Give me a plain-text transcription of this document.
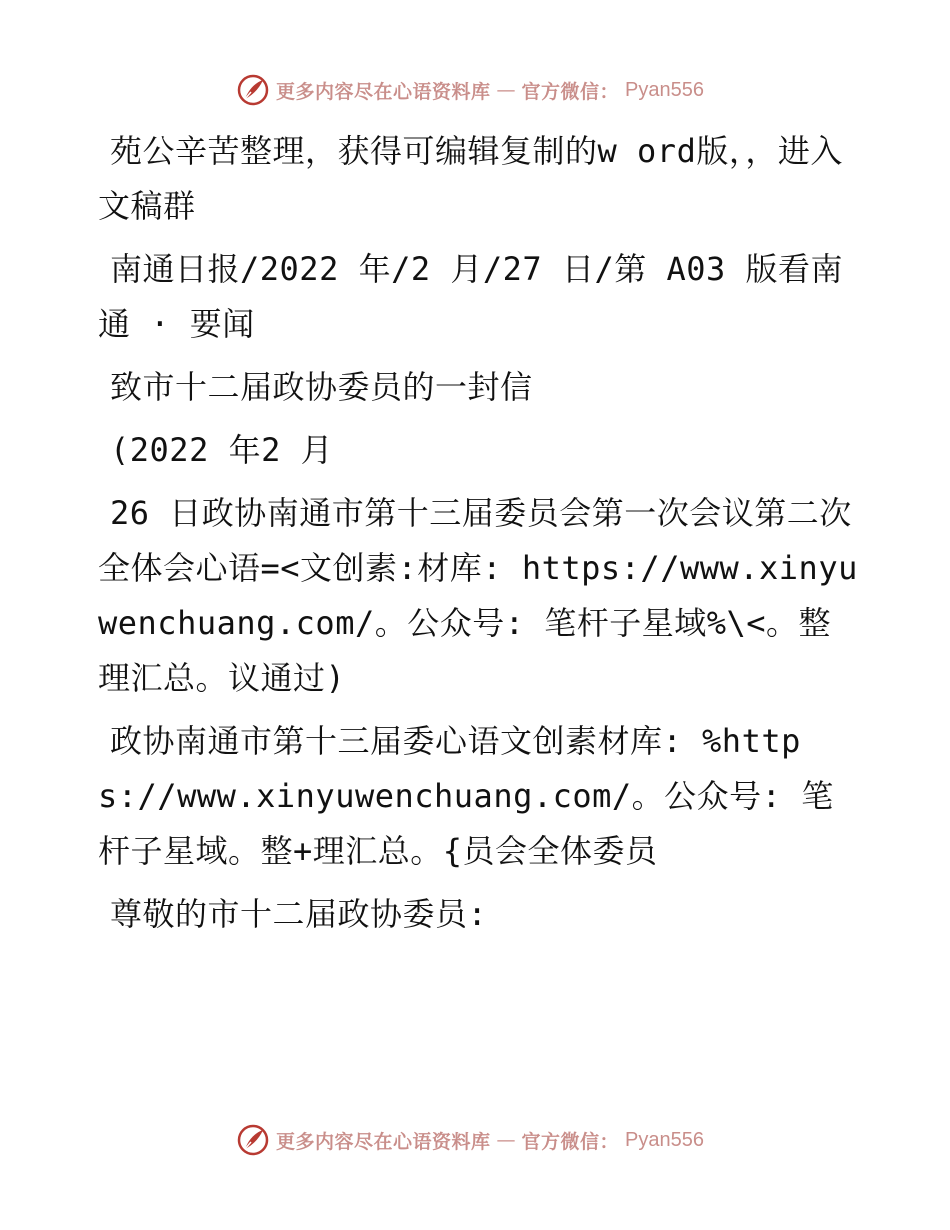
更多内容尽在心语资料库 — 官方微信： Pyan556

苑公辛苦整理，获得可编辑复制的w ord版，，进入文稿群

南通日报/2022 年/2 月/27 日/第 A03 版看南通 · 要闻

致市十二届政协委员的一封信

(2022 年2 月

26 日政协南通市第十三届委员会第一次会议第二次全体会心语=<文创素:材库: https://www.xinyuwenchuang.com/。公众号: 笔杆子星域%\<。整理汇总。议通过)

政协南通市第十三届委心语文创素材库: %https://www.xinyuwenchuang.com/。公众号: 笔杆子星域。整+理汇总。{员会全体委员

尊敬的市十二届政协委员:

更多内容尽在心语资料库 — 官方微信： Pyan556
